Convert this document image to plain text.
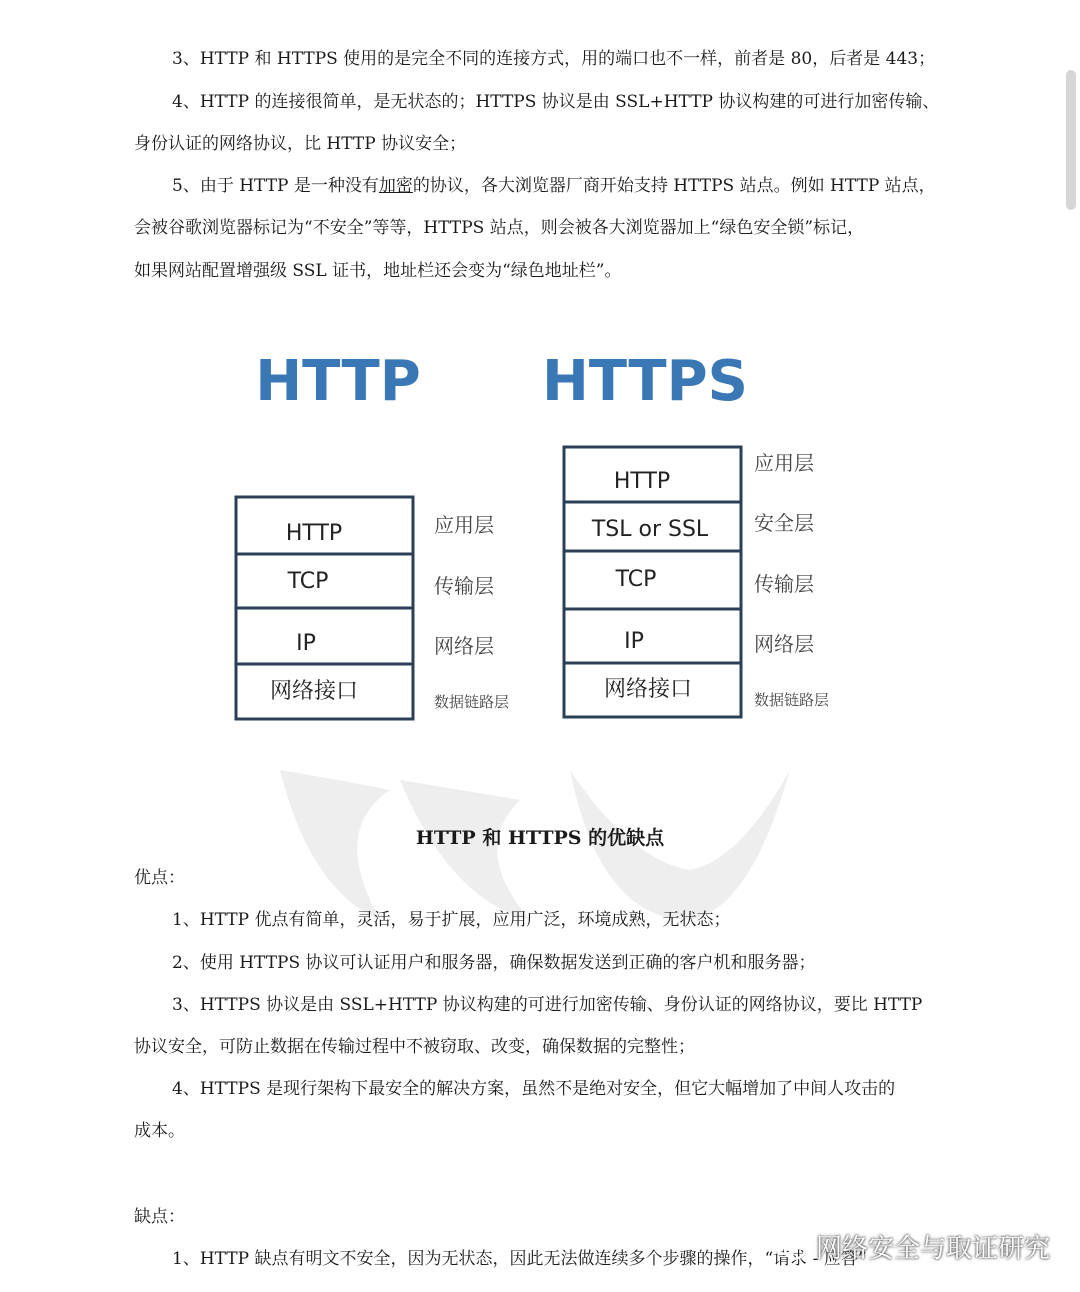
3、HTTP 和 HTTPS 使用的是完全不同的连接方式，用的端口也不一样，前者是 80，后者是 443；
4、HTTP 的连接很简单，是无状态的；HTTPS 协议是由 SSL+HTTP 协议构建的可进行加密传输、
身份认证的网络协议，比 HTTP 协议安全；
5、由于 HTTP 是一种没有加密的协议，各大浏览器厂商开始支持 HTTPS 站点。例如 HTTP 站点，
会被谷歌浏览器标记为“不安全”等等，HTTPS 站点，则会被各大浏览器加上“绿色安全锁”标记，
如果网站配置增强级 SSL 证书，地址栏还会变为“绿色地址栏”。
HTTP HTTPS
HTTP
TCP
IP
网络接口
应用层
传输层
网络层
数据链路层
HTTP
TSL or SSL
TCP
IP
网络接口
应用层
安全层
传输层
网络层
数据链路层
HTTP 和 HTTPS 的优缺点
优点：
1、HTTP 优点有简单，灵活，易于扩展，应用广泛，环境成熟，无状态；
2、使用 HTTPS 协议可认证用户和服务器，确保数据发送到正确的客户机和服务器；
3、HTTPS 协议是由 SSL+HTTP 协议构建的可进行加密传输、身份认证的网络协议，要比 HTTP
协议安全，可防止数据在传输过程中不被窃取、改变，确保数据的完整性；
4、HTTPS 是现行架构下最安全的解决方案，虽然不是绝对安全，但它大幅增加了中间人攻击的
成本。
缺点：
1、HTTP 缺点有明文不安全，因为无状态，因此无法做连续多个步骤的操作，“请求 - 应答”
网络安全与取证研究
